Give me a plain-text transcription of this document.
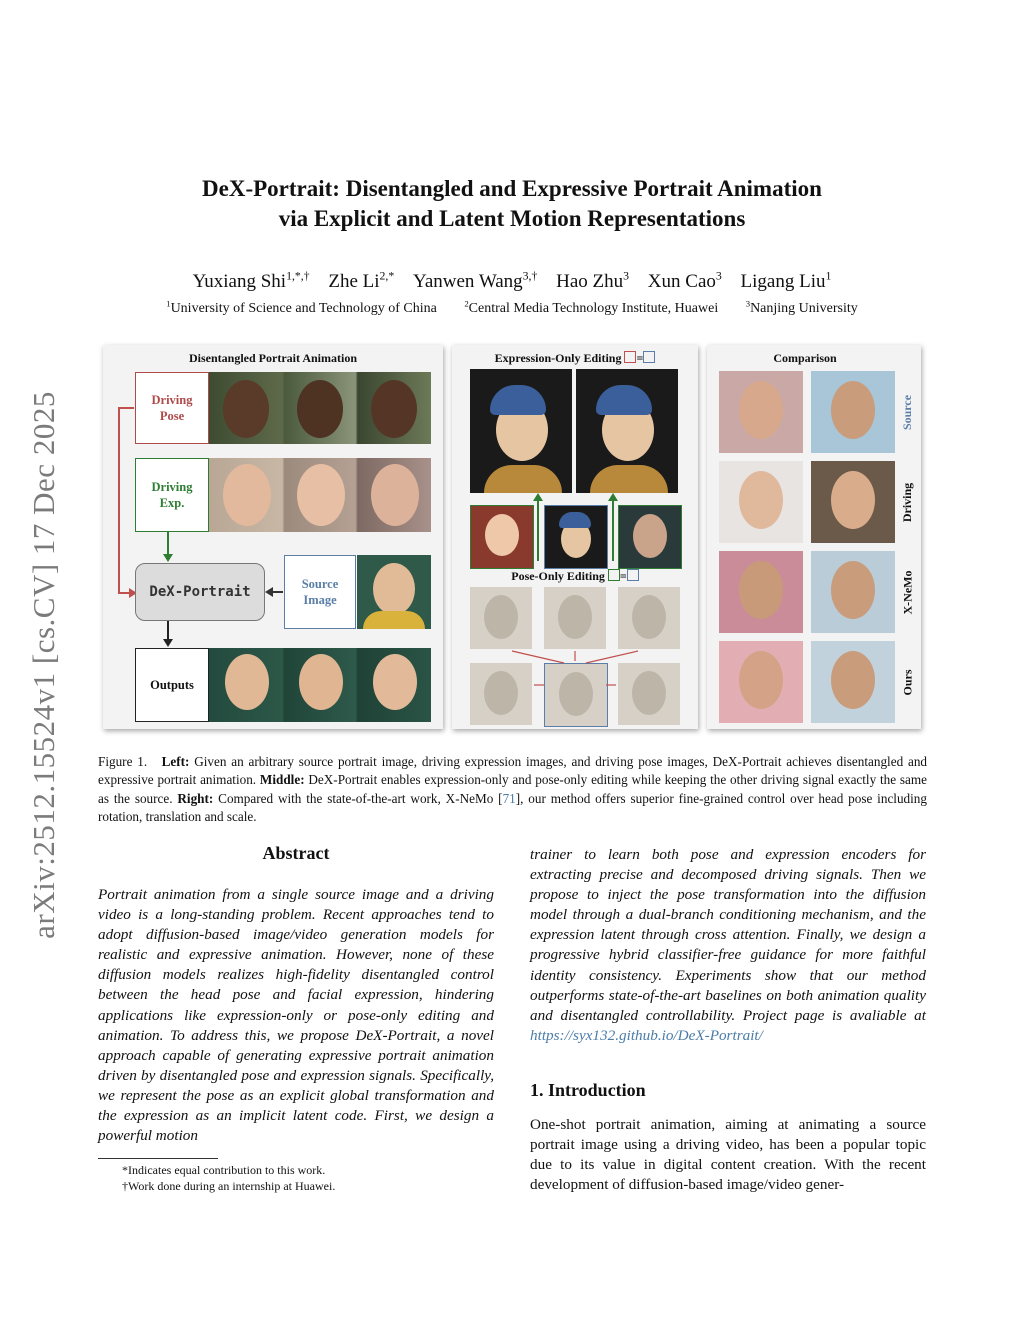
arXiv:2512.15524v1 [cs.CV] 17 Dec 2025
DeX-Portrait: Disentangled and Expressive Portrait Animation
via Explicit and Latent Motion Representations
Yuxiang Shi$^{1,*,\dagger}$ Zhe $Li^{2,*}$ Yanwen Wang$^{3,\dagger}$ Hao Zhu$^3$ Xun Cao$^3$ Ligang Liu$^1$
$^1$University of Science and Technology of China	$^2$Central Media Technology Institute, Huawei	$^3$Nanjing University
Disentangled Portrait Animation
Driving
Pose
Driving
Exp.
DeX-Portrait	Source
Image
Outputs
Expression-Only Editing =
Pose-Only Editing =
Comparison
Source
Driving
X-NeMo
Ours
Figure 1. Left: Given an arbitrary source portrait image, driving expression images, and driving pose images, DeX-Portrait achieves disentangled and expressive portrait animation. Middle: DeX-Portrait enables expression-only and pose-only editing while keeping the other driving signal exactly the same as the source. Right: Compared with the state-of-the-art work, X-NeMo [71], our method offers superior fine-grained control over head pose including rotation, translation and scale.
Abstract
Portrait animation from a single source image and a driving video is a long-standing problem. Recent approaches tend to adopt diffusion-based image/video generation models for realistic and expressive animation. However, none of these diffusion models realizes high-fidelity disentangled control between the head pose and facial expression, hindering applications like expression-only or pose-only editing and animation. To address this, we propose DeX-Portrait, a novel approach capable of generating expressive portrait animation driven by disentangled pose and expression signals. Specifically, we represent the pose as an explicit global transformation and the expression as an implicit latent code. First, we design a powerful motion
trainer to learn both pose and expression encoders for extracting precise and decomposed driving signals. Then we propose to inject the pose transformation into the diffusion model through a dual-branch conditioning mechanism, and the expression latent through cross attention. Finally, we design a progressive hybrid classifier-free guidance for more faithful identity consistency. Experiments show that our method outperforms state-of-the-art baselines on both animation quality and disentangled controllability. Project page is avaliable at https://syx132.github.io/DeX-Portrait/
*Indicates equal contribution to this work.
†Work done during an internship at Huawei.
1. Introduction
One-shot portrait animation, aiming at animating a source portrait image using a driving video, has been a popular topic due to its value in digital content creation. With the recent development of diffusion-based image/video gener-
